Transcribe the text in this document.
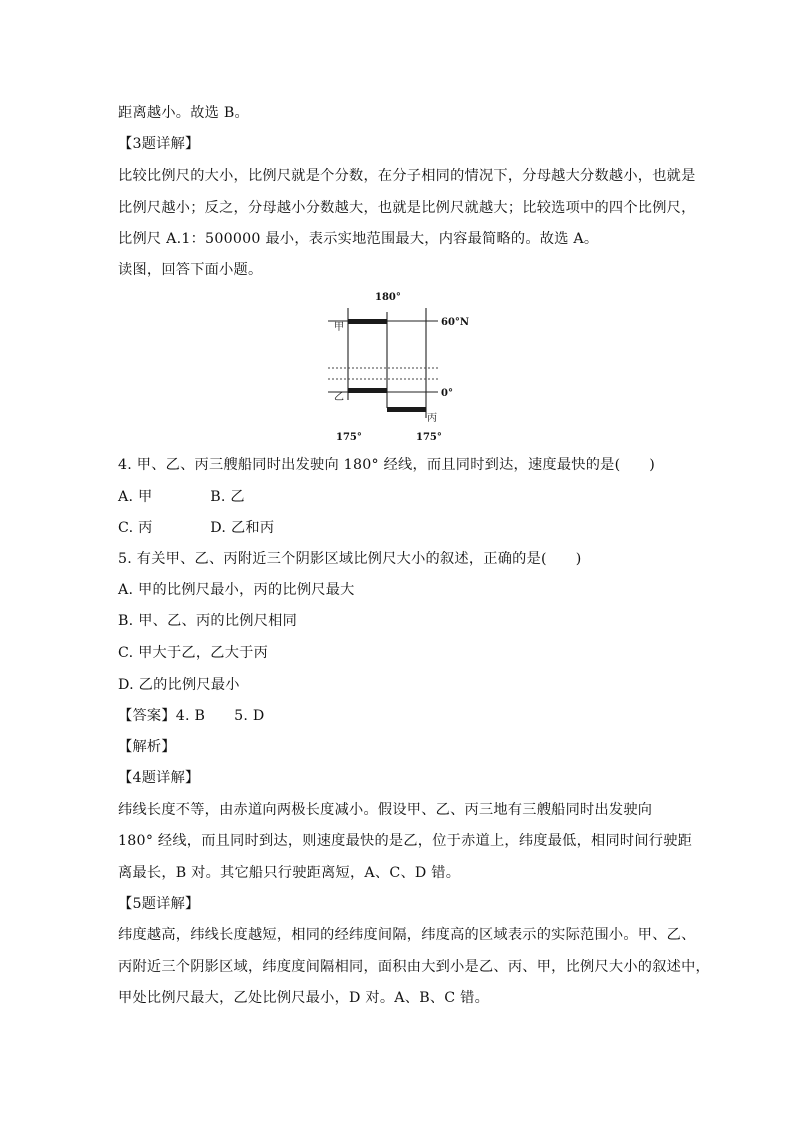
距离越小。故选 B。
【3题详解】
比较比例尺的大小，比例尺就是个分数，在分子相同的情况下，分母越大分数越小，也就是
比例尺越小；反之，分母越小分数越大，也就是比例尺就越大；比较选项中的四个比例尺，
比例尺 A.1：500000 最小，表示实地范围最大，内容最简略的。故选 A。
读图，回答下面小题。
180°
60°N
0°
175°	175°
甲
乙
丙
4. 甲、乙、丙三艘船同时出发驶向 180° 经线，而且同时到达，速度最快的是(　　)
A. 甲　　　　B. 乙
C. 丙　　　　D. 乙和丙
5. 有关甲、乙、丙附近三个阴影区域比例尺大小的叙述，正确的是(　　)
A. 甲的比例尺最小，丙的比例尺最大
B. 甲、乙、丙的比例尺相同
C. 甲大于乙，乙大于丙
D. 乙的比例尺最小
【答案】4. B　　5. D
【解析】
【4题详解】
纬线长度不等，由赤道向两极长度减小。假设甲、乙、丙三地有三艘船同时出发驶向
180° 经线，而且同时到达，则速度最快的是乙，位于赤道上，纬度最低，相同时间行驶距
离最长，B 对。其它船只行驶距离短，A、C、D 错。
【5题详解】
纬度越高，纬线长度越短，相同的经纬度间隔，纬度高的区域表示的实际范围小。甲、乙、
丙附近三个阴影区域，纬度度间隔相同，面积由大到小是乙、丙、甲，比例尺大小的叙述中，
甲处比例尺最大，乙处比例尺最小，D 对。A、B、C 错。
